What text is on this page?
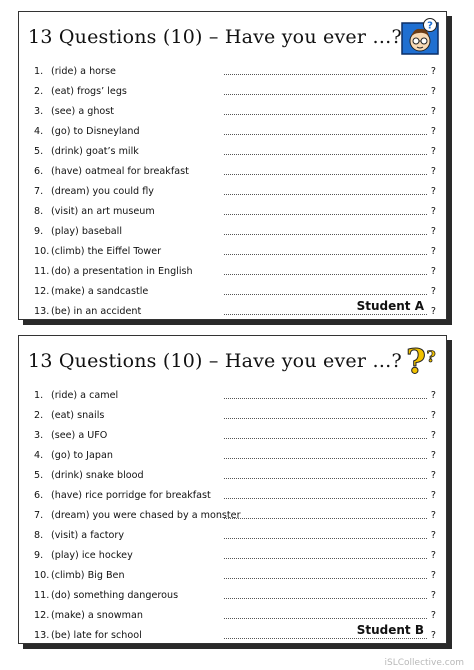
13 Questions (10) – Have you ever …?	?
1. (ride) a horse	?
2. (eat) frogs’ legs	?
3. (see) a ghost	?
4. (go) to Disneyland	?
5. (drink) goat’s milk	?
6. (have) oatmeal for breakfast	?
7. (dream) you could fly	?
8. (visit) an art museum	?
9. (play) baseball	?
10. (climb) the Eiffel Tower	?
11. (do) a presentation in English	?
12. (make) a sandcastle	?
13. (be) in an accident	?
Student A
13 Questions (10) – Have you ever …? ? ?
1. (ride) a camel	?
2. (eat) snails	?
3. (see) a UFO	?
4. (go) to Japan	?
5. (drink) snake blood	?
6. (have) rice porridge for breakfast	?
7. (dream) you were chased by a monster	?
8. (visit) a factory	?
9. (play) ice hockey	?
10. (climb) Big Ben	?
11. (do) something dangerous	?
12. (make) a snowman	?
13. (be) late for school	?
Student B
iSLCollective.com
